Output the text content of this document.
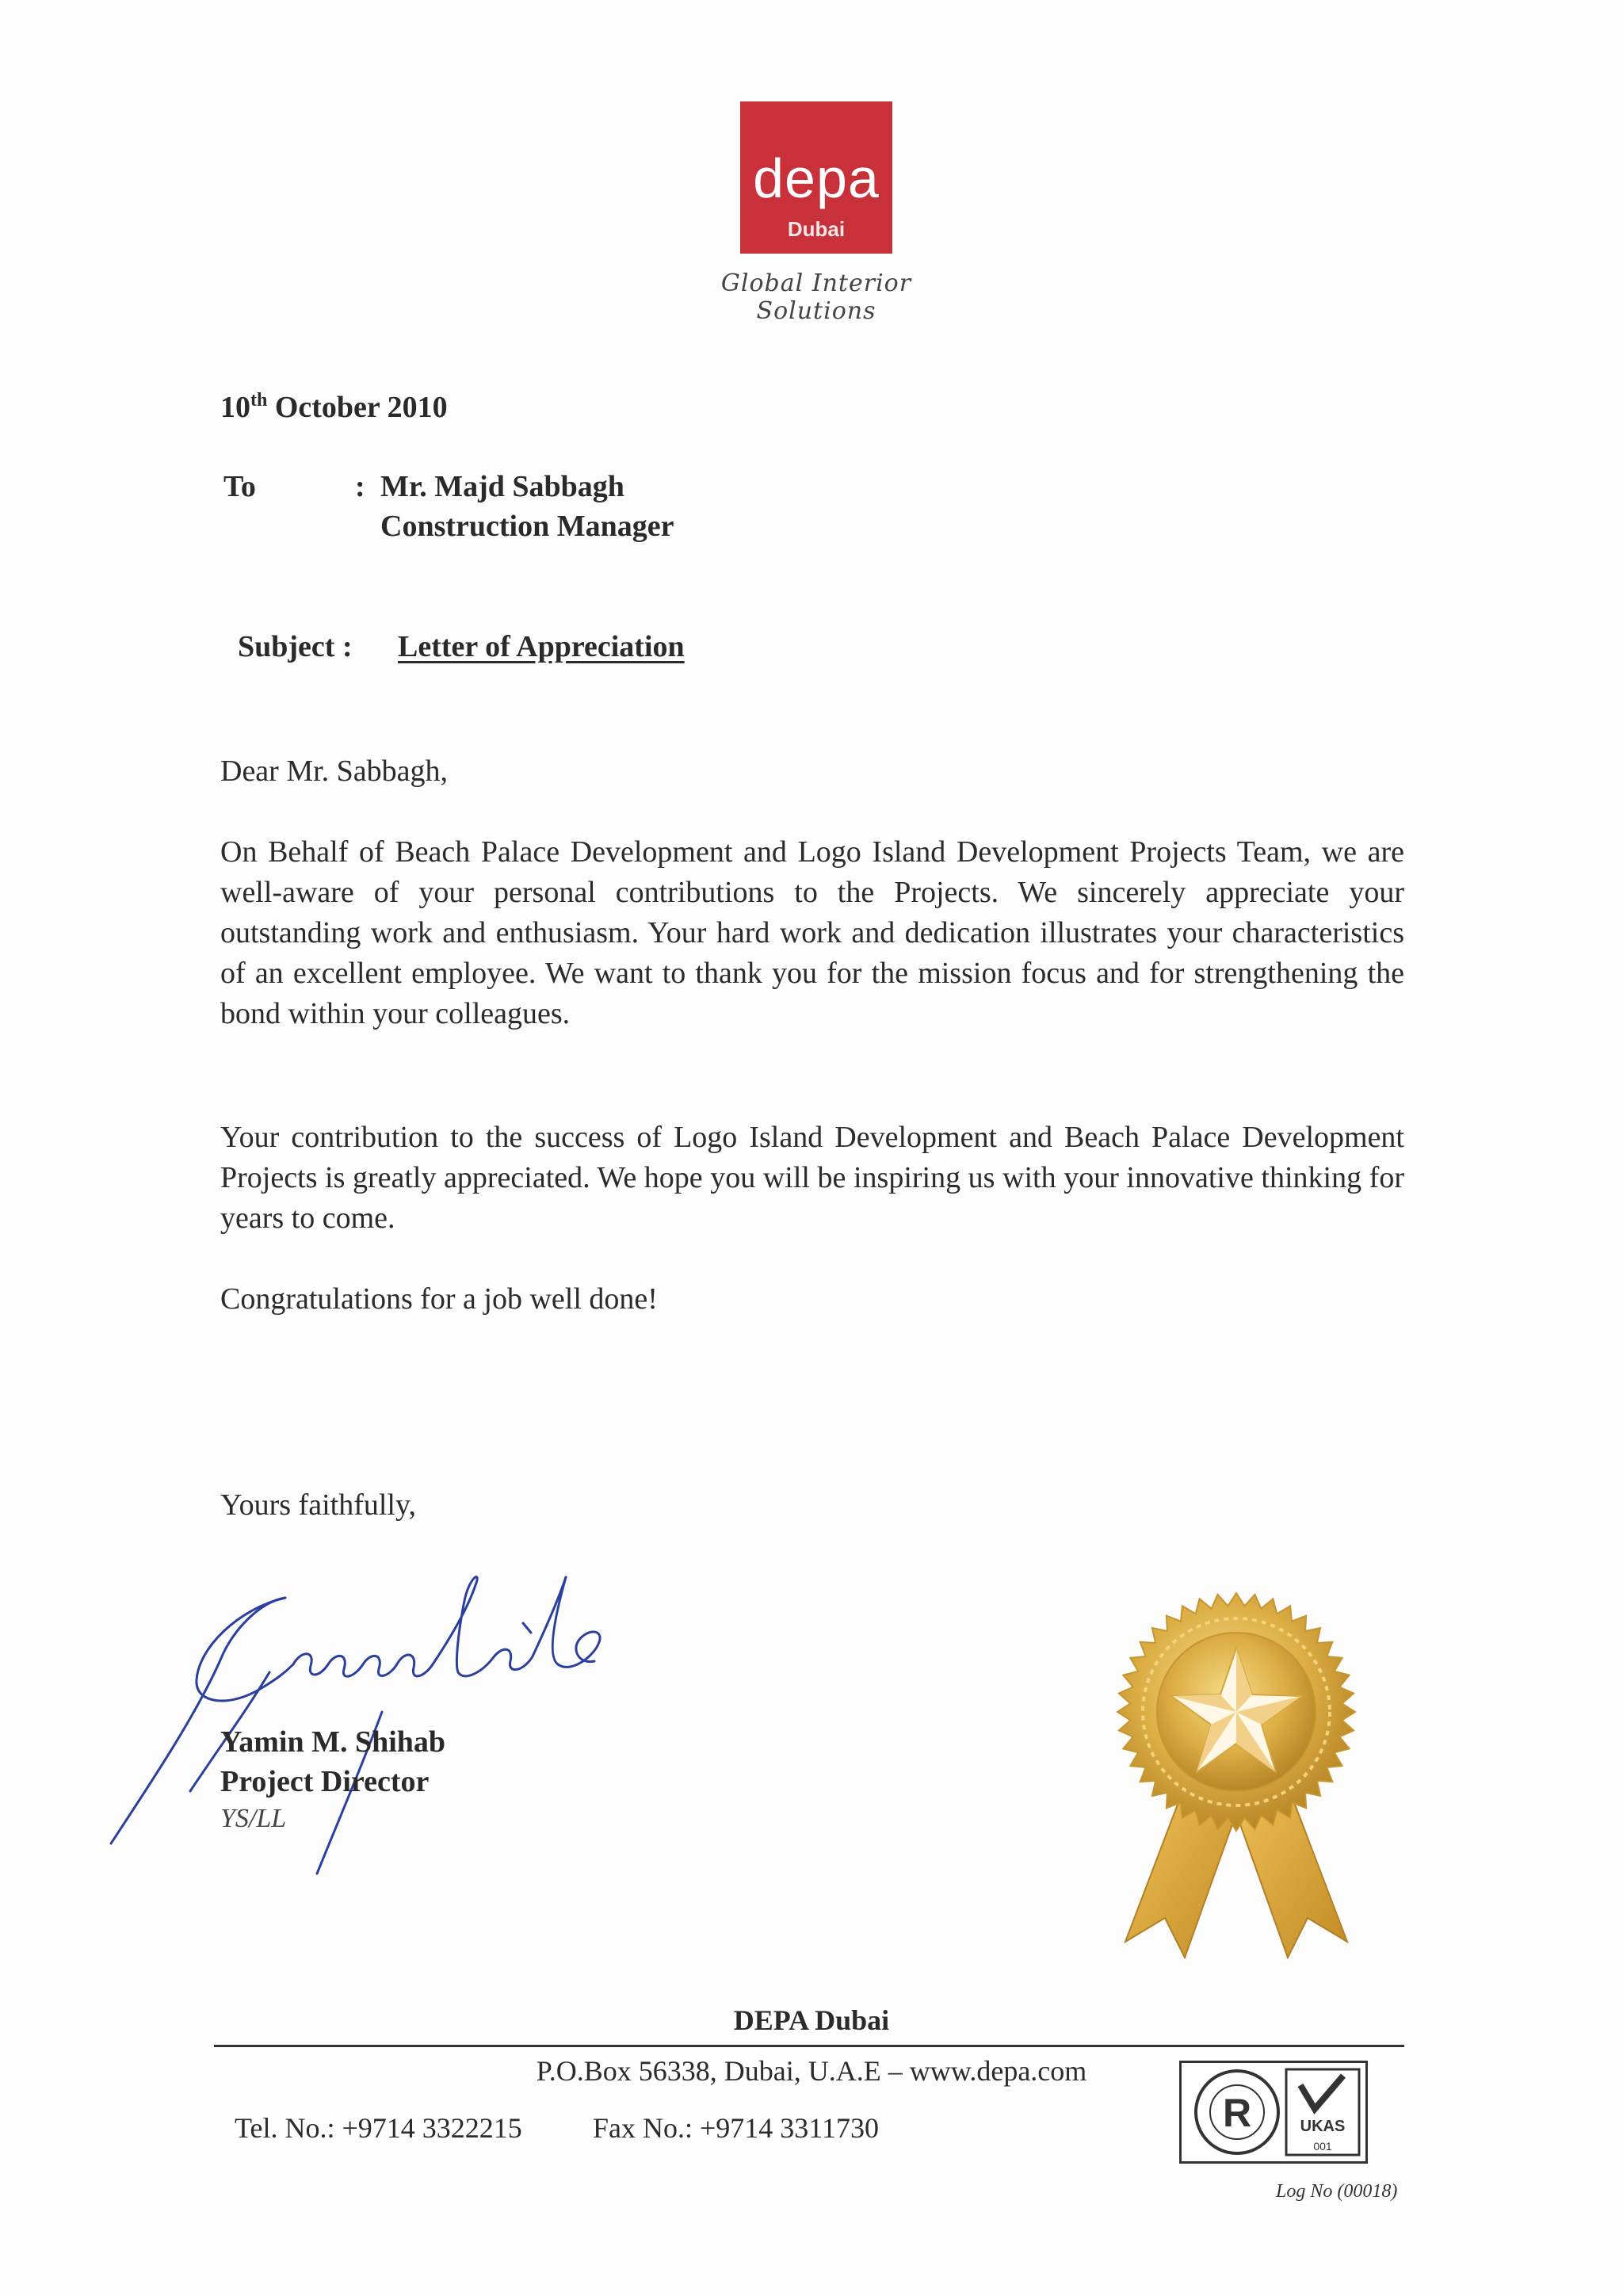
depa
Dubai
Global Interior Solutions
10th October 2010
To	: Mr. Majd Sabbagh
Construction Manager
Subject : Letter of Appreciation
Dear Mr. Sabbagh,
On Behalf of Beach Palace Development and Logo Island Development Projects Team, we are well-aware of your personal contributions to the Projects. We sincerely appreciate your outstanding work and enthusiasm. Your hard work and dedication illustrates your characteristics of an excellent employee. We want to thank you for the mission focus and for strengthening the bond within your colleagues.
Your contribution to the success of Logo Island Development and Beach Palace Development Projects is greatly appreciated. We hope you will be inspiring us with your innovative thinking for years to come.
Congratulations for a job well done!
Yours faithfully,
Yamin M. Shihab
Project Director
YS/LL
DEPA Dubai
P.O.Box 56338, Dubai, U.A.E – www.depa.com
Tel. No.: +9714 3322215 Fax No.: +9714 3311730	R	UKAS
001
Log No (00018)
